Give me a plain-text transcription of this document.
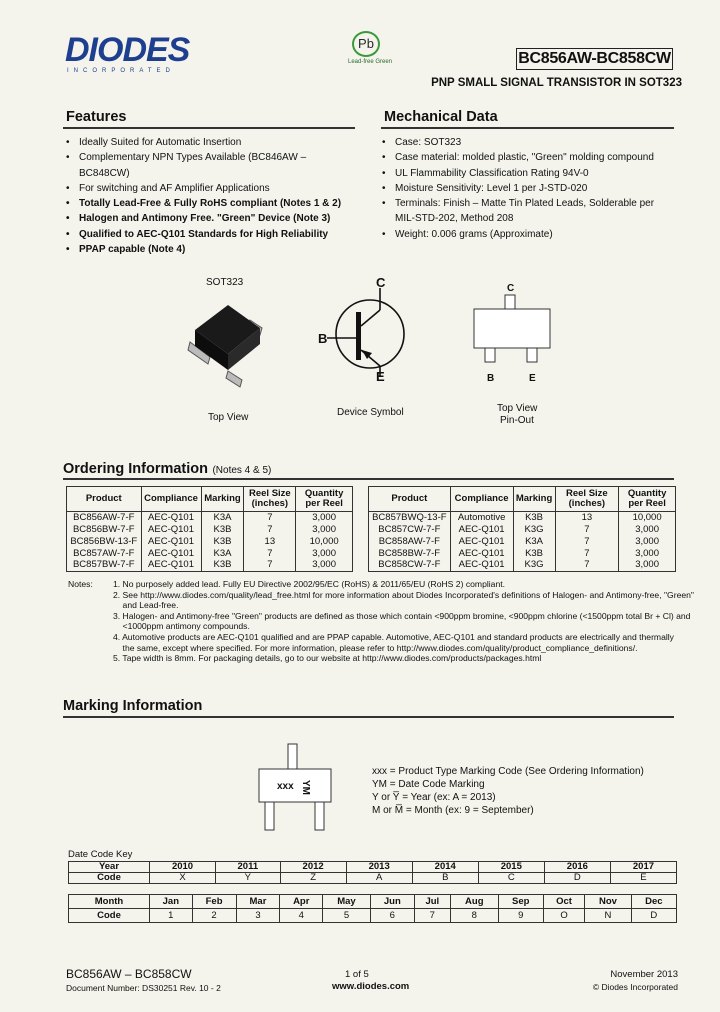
DIODES
INCORPORATED
Pb
Lead-free Green	BC856AW-BC858CW
PNP SMALL SIGNAL TRANSISTOR IN SOT323
Features
• Ideally Suited for Automatic Insertion
• Complementary NPN Types Available (BC846AW – BC848CW)
• For switching and AF Amplifier Applications
• Totally Lead-Free & Fully RoHS compliant (Notes 1 & 2)
• Halogen and Antimony Free. "Green" Device (Note 3)
• Qualified to AEC-Q101 Standards for High Reliability
• PPAP capable (Note 4)
Mechanical Data
• Case: SOT323
• Case material: molded plastic, "Green" molding compound
• UL Flammability Classification Rating 94V-0
• Moisture Sensitivity: Level 1 per J-STD-020
• Terminals: Finish – Matte Tin Plated Leads, Solderable per MIL-STD-202, Method 208
• Weight: 0.006 grams (Approximate)
SOT323
Top View
C
B
E
Device Symbol
C
B	E
Top View
Pin-Out
Ordering Information (Notes 4 & 5)
Product	Compliance	Marking	Reel Size (inches)	Quantity per Reel
BC856AW-7-F	AEC-Q101	K3A	7	3,000
BC856BW-7-F	AEC-Q101	K3B	7	3,000
BC856BW-13-F	AEC-Q101	K3B	13	10,000
BC857AW-7-F	AEC-Q101	K3A	7	3,000
BC857BW-7-F	AEC-Q101	K3B	7	3,000
Product	Compliance	Marking	Reel Size (inches)	Quantity per Reel
BC857BWQ-13-F	Automotive	K3B	13	10,000
BC857CW-7-F	AEC-Q101	K3G	7	3,000
BC858AW-7-F	AEC-Q101	K3A	7	3,000
BC858BW-7-F	AEC-Q101	K3B	7	3,000
BC858CW-7-F	AEC-Q101	K3G	7	3,000
Notes:	1. No purposely added lead. Fully EU Directive 2002/95/EC (RoHS) & 2011/65/EU (RoHS 2) compliant.
2. See http://www.diodes.com/quality/lead_free.html for more information about Diodes Incorporated's definitions of Halogen- and Antimony-free, "Green"
and Lead-free.
3. Halogen- and Antimony-free "Green" products are defined as those which contain <900ppm bromine, <900ppm chlorine (<1500ppm total Br + Cl) and
<1000ppm antimony compounds.
4. Automotive products are AEC-Q101 qualified and are PPAP capable. Automotive, AEC-Q101 and standard products are electrically and thermally
the same, except where specified. For more information, please refer to http://www.diodes.com/quality/product_compliance_definitions/.
5. Tape width is 8mm. For packaging details, go to our website at http://www.diodes.com/products/packages.html
Marking Information
xxx YM
xxx = Product Type Marking Code (See Ordering Information)
YM = Date Code Marking
Y or Y̅ = Year (ex: A = 2013)
M or M̅ = Month (ex: 9 = September)
Date Code Key
Year	2010	2011	2012	2013	2014	2015	2016	2017
Code	X	Y	Z	A	B	C	D	E
Month	Jan	Feb	Mar	Apr	May	Jun	Jul	Aug	Sep	Oct	Nov	Dec
Code	1	2	3	4	5	6	7	8	9	O	N	D
BC856AW – BC858CW
Document Number: DS30251 Rev. 10 - 2
1 of 5
www.diodes.com
November 2013
© Diodes Incorporated
